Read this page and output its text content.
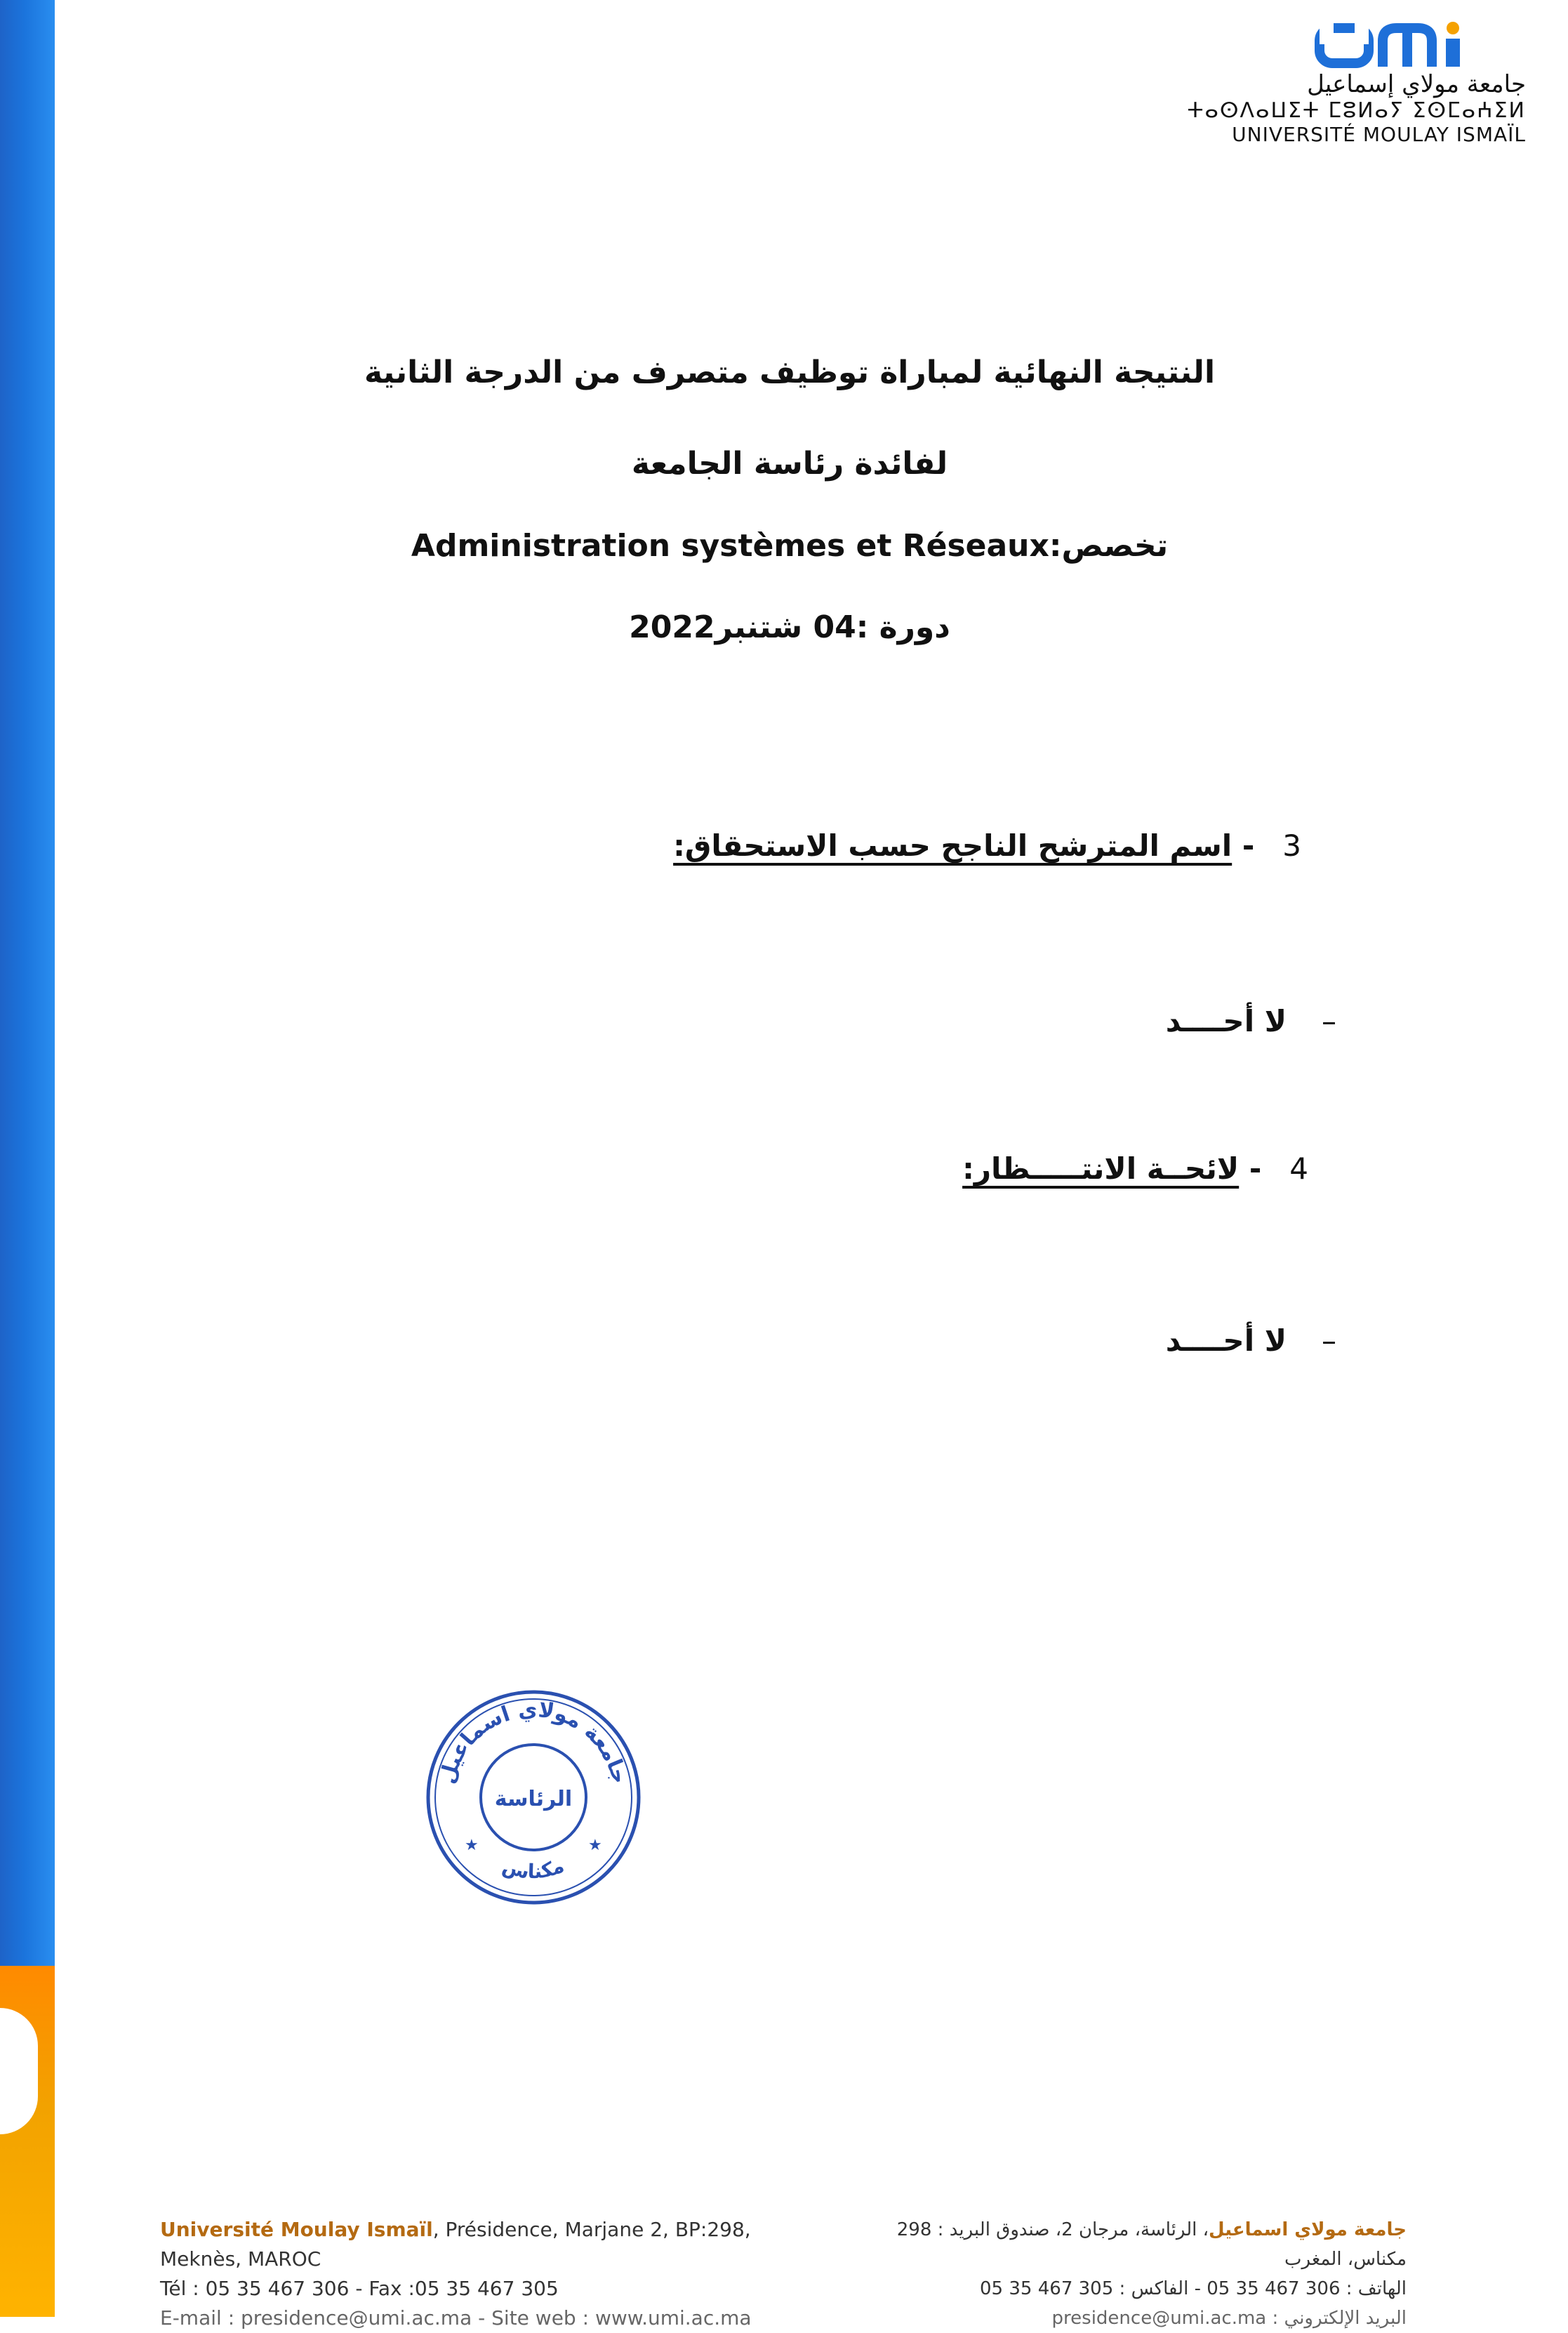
جامعة مولاي إسماعيل
ⵜⴰⵙⴷⴰⵡⵉⵜ ⵎⵓⵍⴰⵢ ⵉⵙⵎⴰⵄⵉⵍ
UNIVERSITÉ MOULAY ISMAÏL
النتيجة النهائية لمباراة توظيف متصرف من الدرجة الثانية
لفائدة رئاسة الجامعة
Administration systèmes et Réseaux:تخصص
دورة :04 شتنبر2022
3- اسم المترشح الناجح حسب الاستحقاق:
–لا أحــــد
4- لائحــة الانتـــــظار:
–لا أحــــد
جامعة مولاي اسماعيل
الرئاسة
مكناس
★	★
Université Moulay Ismaïl, Présidence, Marjane 2, BP:298,
Meknès, MAROC
Tél : 05 35 467 306 - Fax :05 35 467 305
E-mail : presidence@umi.ac.ma - Site web : www.umi.ac.ma
جامعة مولاي اسماعيل، الرئاسة، مرجان 2، صندوق البريد : 298
مكناس، المغرب
الهاتف : 306 467 35 05 - الفاكس : 305 467 35 05
البريد الإلكتروني : presidence@umi.ac.ma
